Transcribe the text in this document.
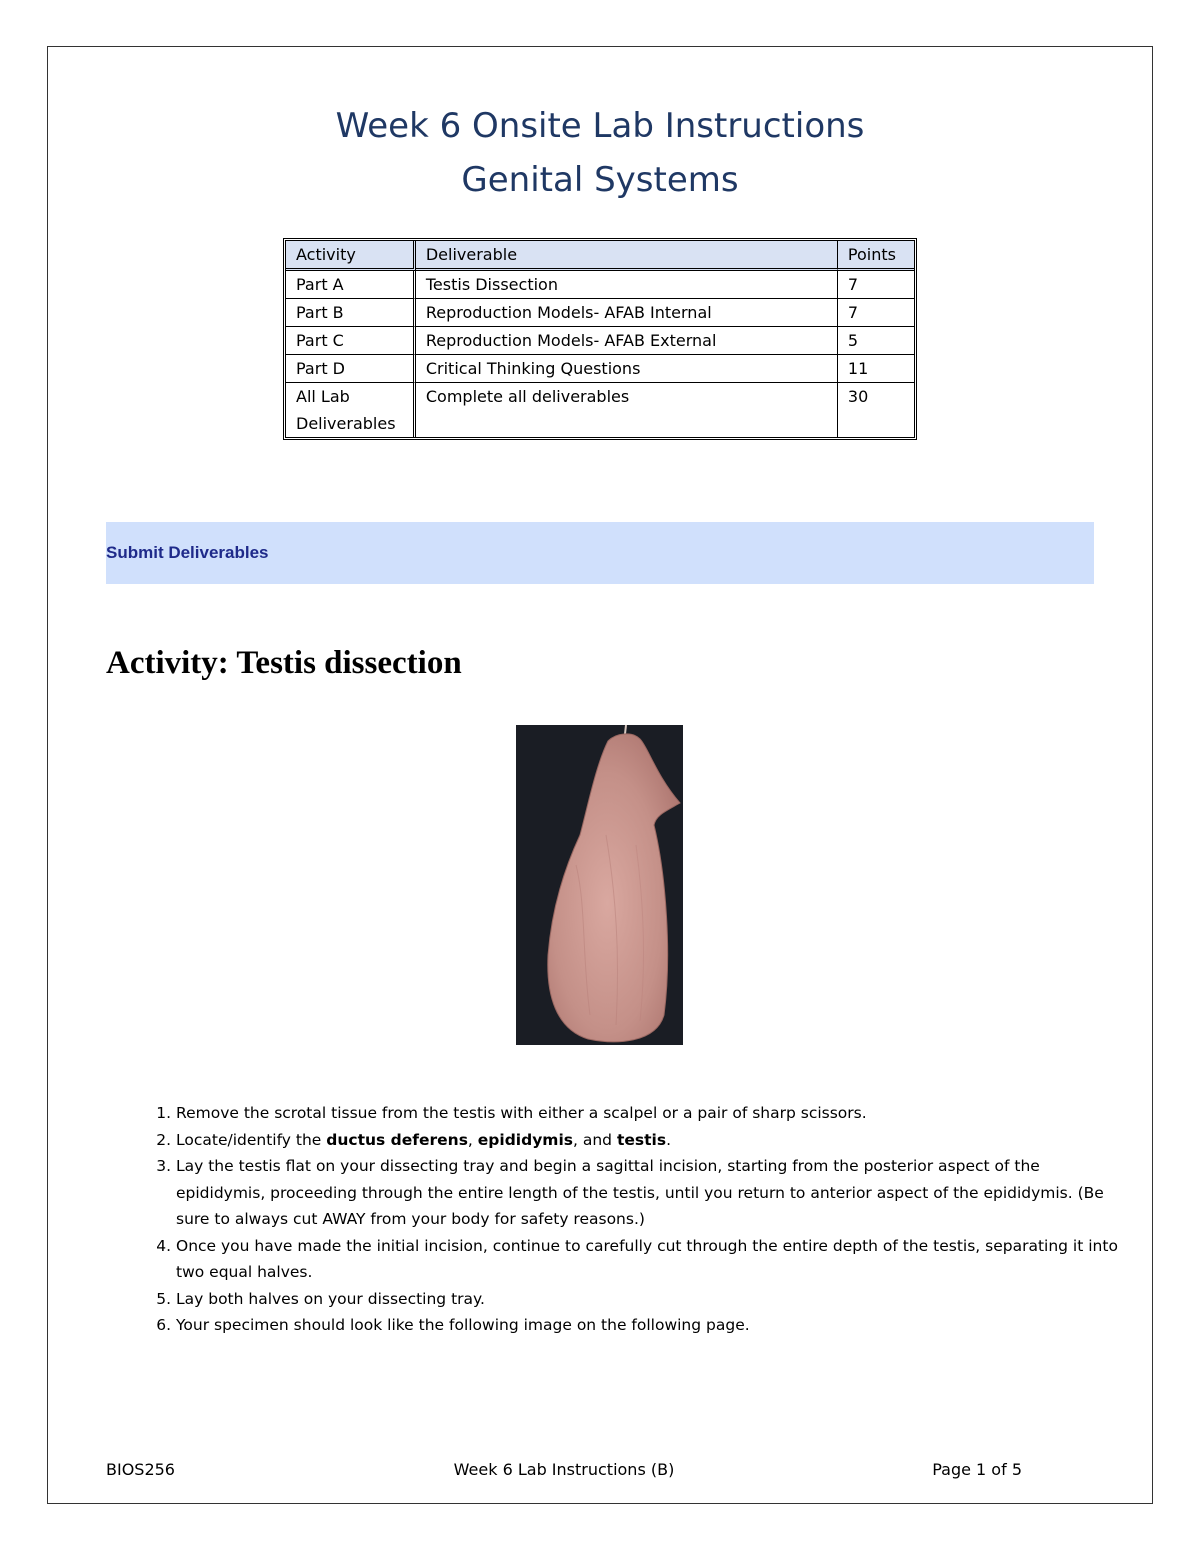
Week 6 Onsite Lab Instructions
Genital Systems
Activity	Deliverable	Points
Part A	Testis Dissection	7
Part B	Reproduction Models- AFAB Internal	7
Part C	Reproduction Models- AFAB External	5
Part D	Critical Thinking Questions	11
All Lab Deliverables	Complete all deliverables	30
Submit Deliverables
Activity: Testis dissection
1. Remove the scrotal tissue from the testis with either a scalpel or a pair of sharp scissors.
2. Locate/identify the ductus deferens, epididymis, and testis.
3. Lay the testis flat on your dissecting tray and begin a sagittal incision, starting from the posterior aspect of the epididymis, proceeding through the entire length of the testis, until you return to anterior aspect of the epididymis. (Be sure to always cut AWAY from your body for safety reasons.)
4. Once you have made the initial incision, continue to carefully cut through the entire depth of the testis, separating it into two equal halves.
5. Lay both halves on your dissecting tray.
6. Your specimen should look like the following image on the following page.
BIOS256	Week 6 Lab Instructions (B)	Page 1 of 5
